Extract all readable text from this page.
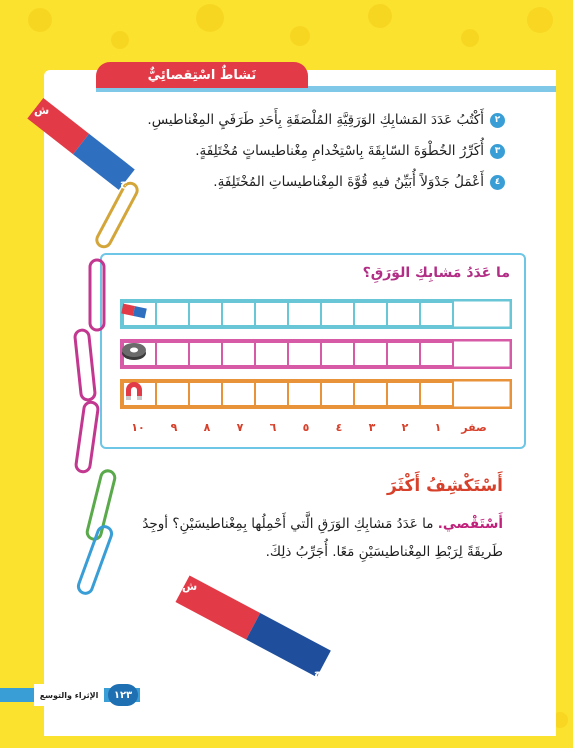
نَشاطٌ اسْتِقصائِيٌّ
٢
أَكْتُبُ عَدَدَ المَشابِكِ الوَرَقِيَّةِ المُلْصَقَةِ بِأَحَدِ طَرَفَيِ المِغْناطيسِ.
٣
أُكَرِّرُ الخُطْوَةَ السّابِقَةَ بِاسْتِخْدامِ مِغْناطيساتٍ مُخْتَلِفَةٍ.
٤
أَعْمَلُ جَدْوَلاً أُبَيِّنُ فيهِ قُوَّةَ المِغْناطيساتِ المُخْتَلِفَةِ.
ما عَدَدُ مَشابِكِ الوَرَقِ؟
صفر
١
٢
٣
٤
٥
٦
٧
٨
٩
١٠
أَسْتَكْشِفُ أَكْثَرَ
أَسْتَقْصي. ما عَدَدُ مَشابِكِ الوَرَقِ الَّتي أَحْمِلُها بِمِغْناطيسَيْنِ؟ أوجِدُ طَريقَةً لِرَبْطِ المِغْناطيسَيْنِ مَعًا. أُجَرِّبُ ذلِكَ.
ش
ج
ش
ج
الإثراء والتوسع	١٢٣
